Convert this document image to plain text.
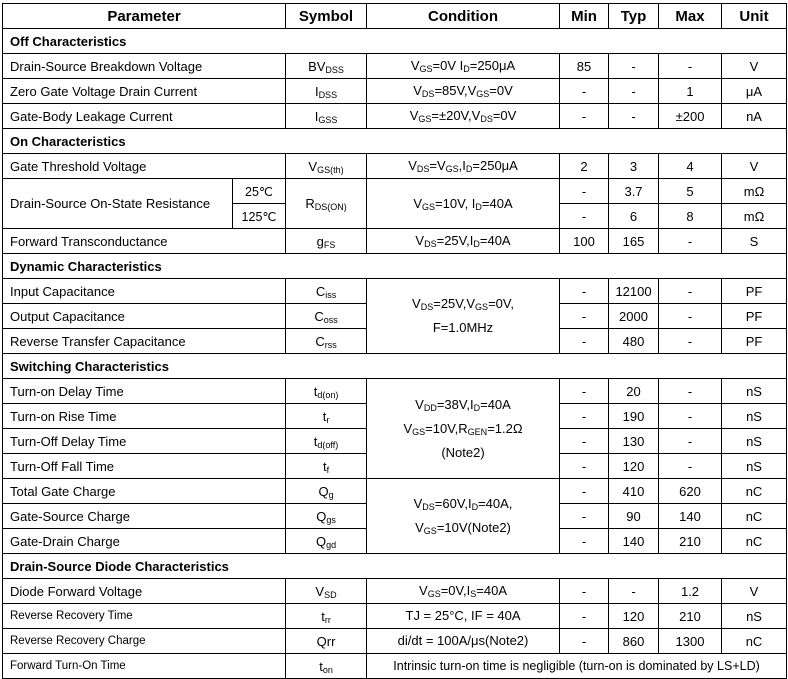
Parameter		Symbol	Condition	Min	Typ	Max	Unit
Off Characteristics							
Drain-Source Breakdown Voltage		$BV_{DSS}$	$V_{GS}=0V$ $I_D=250\mu A$	85	-	-	V
Zero Gate Voltage Drain Current		$I_{DSS}$	$V_{DS}=85V,V_{GS}=0V$	-	-	1	μA
Gate-Body Leakage Current		$I_{GSS}$	$V_{GS}=\pm 20V,V_{DS}=0V$	-	-	±200	nA
On Characteristics							
Gate Threshold Voltage		$V_{GS(th)}$	$V_{DS}=V_{GS},I_D=250\mu A$	2	3	4	V
Drain-Source On-State Resistance	25℃	$R_{DS(ON)}$	$V_{GS}=10V$, $I_D=40A$	-	3.7	5	mΩ
	125℃			-	6	8	mΩ
Forward Transconductance		$g_{FS}$	$V_{DS}=25V,I_D=40A$	100	165	-	S
Dynamic Characteristics							
Input Capacitance		$C_{iss}$	$V_{DS}=25V,V_{GS}=0V$,
F=1.0MHz	-	12100	-	PF
Output Capacitance		$C_{oss}$		-	2000	-	PF
Reverse Transfer Capacitance		$C_{rss}$		-	480	-	PF
Switching Characteristics							
Turn-on Delay Time		$t_{d(on)}$	$V_{DD}=38V,I_D=40A$
$V_{GS}=10V,R_{GEN}=1.2\Omega$
(Note2)	-	20	-	nS
Turn-on Rise Time		$t_r$		-	190	-	nS
Turn-Off Delay Time		$t_{d(off)}$		-	130	-	nS
Turn-Off Fall Time		$t_f$		-	120	-	nS
Total Gate Charge		$Q_g$	$V_{DS}=60V,I_D=40A$,
$V_{GS}=10V(Note2)$	-	410	620	nC
Gate-Source Charge		$Q_{gs}$		-	90	140	nC
Gate-Drain Charge		$Q_{gd}$		-	140	210	nC
Drain-Source Diode Characteristics							
Diode Forward Voltage		$V_{SD}$	$V_{GS}=0V,I_S=40A$	-	-	1.2	V
Reverse Recovery Time		$t_{rr}$	TJ = 25°C, IF = 40A	-	120	210	nS
Reverse Recovery Charge		Qrr	di/dt = 100A/μs(Note2)	-	860	1300	nC
Forward Turn-On Time		$t_{on}$	Intrinsic turn-on time is negligible (turn-on is dominated by LS+LD)				
